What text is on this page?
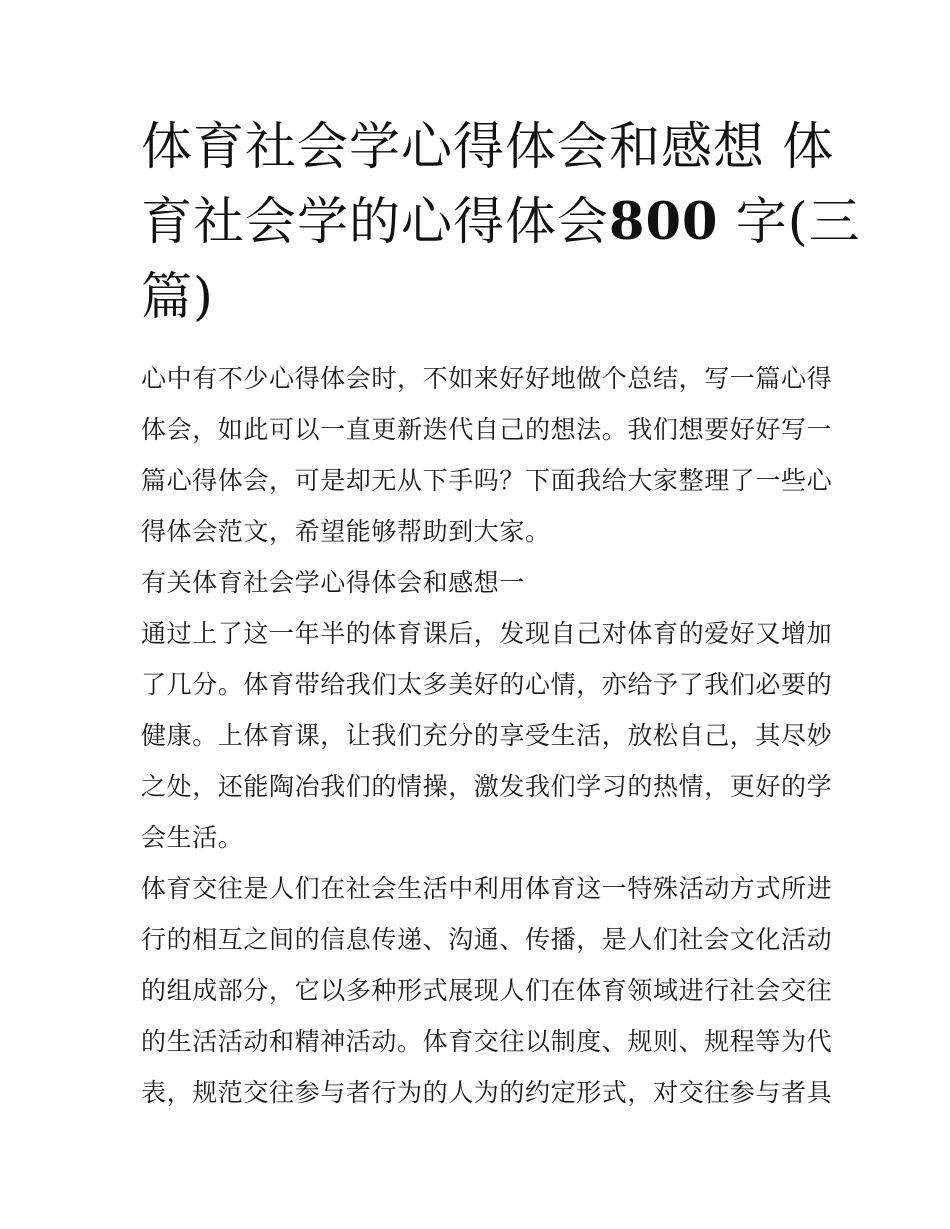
体育社会学心得体会和感想 体
育社会学的心得体会800 字(三
篇)

心中有不少心得体会时，不如来好好地做个总结，写一篇心得
体会，如此可以一直更新迭代自己的想法。我们想要好好写一
篇心得体会，可是却无从下手吗？下面我给大家整理了一些心
得体会范文，希望能够帮助到大家。

有关体育社会学心得体会和感想一

通过上了这一年半的体育课后，发现自己对体育的爱好又增加
了几分。体育带给我们太多美好的心情，亦给予了我们必要的
健康。上体育课，让我们充分的享受生活，放松自己，其尽妙
之处，还能陶冶我们的情操，激发我们学习的热情，更好的学
会生活。

体育交往是人们在社会生活中利用体育这一特殊活动方式所进
行的相互之间的信息传递、沟通、传播，是人们社会文化活动
的组成部分，它以多种形式展现人们在体育领域进行社会交往
的生活活动和精神活动。体育交往以制度、规则、规程等为代
表，规范交往参与者行为的人为的约定形式，对交往参与者具
